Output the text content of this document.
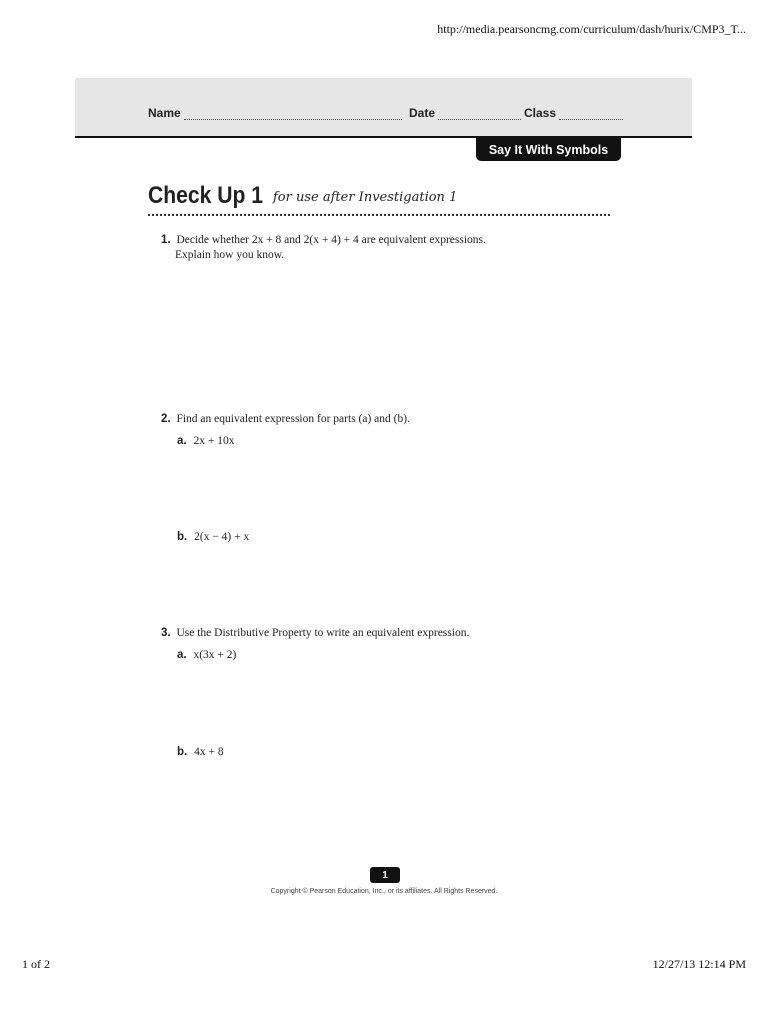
http://media.pearsoncmg.com/curriculum/dash/hurix/CMP3_T...
Name	Date	Class
Say It With Symbols
Check Up 1 for use after Investigation 1
1. Decide whether 2x + 8 and 2(x + 4) + 4 are equivalent expressions.
Explain how you know.
2. Find an equivalent expression for parts (a) and (b).
a. 2x + 10x
b. 2(x − 4) + x
3. Use the Distributive Property to write an equivalent expression.
a. x(3x + 2)
b. 4x + 8
1
Copyright © Pearson Education, Inc., or its affiliates. All Rights Reserved.
1 of 2	12/27/13 12:14 PM
